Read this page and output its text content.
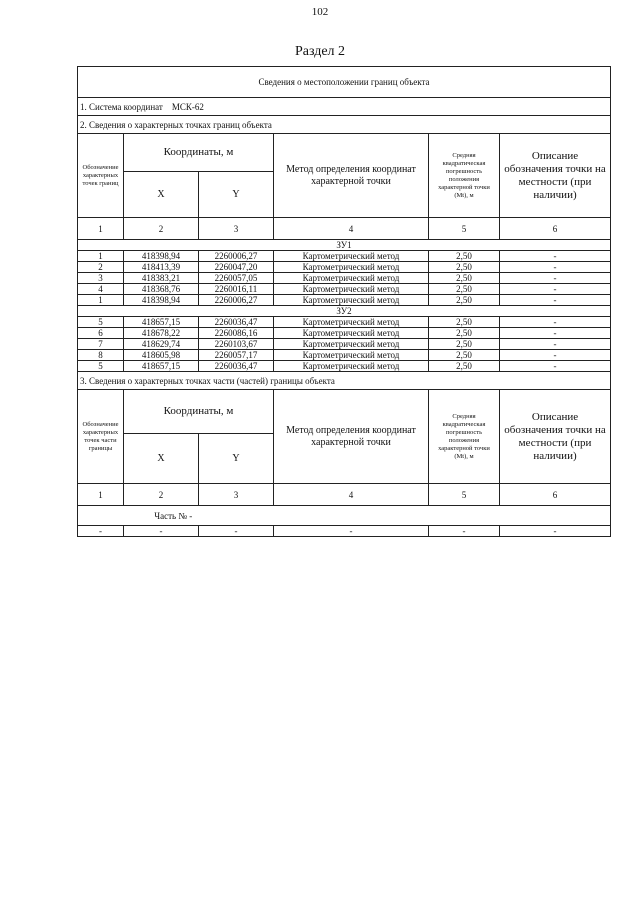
102
Раздел 2
Сведения о местоположении границ объекта					
1. Система координат МСК-62					
2. Сведения о характерных точках границ объекта					
Обозначение характерных точек границ	Координаты, м		Метод определения координат характерной точки	Средняя квадратическая погрешность положения характерной точки (Mt), м	Описание обозначения точки на местности (при наличии)
	X	Y			
1	2	3	4	5	6
ЗУ1					
1	418398,94	2260006,27	Картометрический метод	2,50	-
2	418413,39	2260047,20	Картометрический метод	2,50	-
3	418383,21	2260057,05	Картометрический метод	2,50	-
4	418368,76	2260016,11	Картометрический метод	2,50	-
1	418398,94	2260006,27	Картометрический метод	2,50	-
ЗУ2					
5	418657,15	2260036,47	Картометрический метод	2,50	-
6	418678,22	2260086,16	Картометрический метод	2,50	-
7	418629,74	2260103,67	Картометрический метод	2,50	-
8	418605,98	2260057,17	Картометрический метод	2,50	-
5	418657,15	2260036,47	Картометрический метод	2,50	-
3. Сведения о характерных точках части (частей) границы объекта					
Обозначение характерных точек части границы	Координаты, м		Метод определения координат характерной точки	Средняя квадратическая погрешность положения характерной точки (Mt), м	Описание обозначения точки на местности (при наличии)
	X	Y			
1	2	3	4	5	6
Часть № -					
-	-	-	-	-	-
